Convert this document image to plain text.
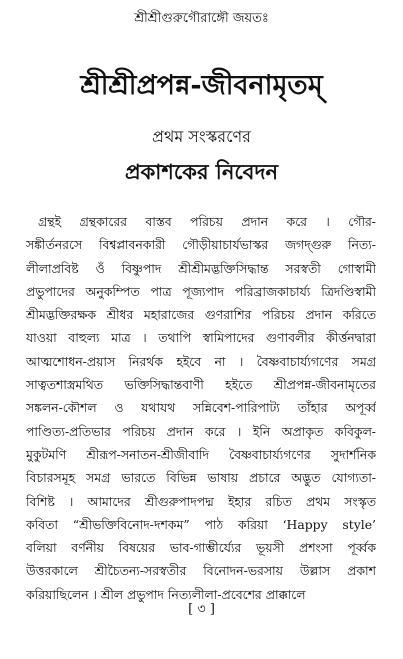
শ্রীশ্রীগুরুগৌরাঙ্গৌ জয়তঃ
শ্রীশ্রীপ্রপন্ন-জীবনামৃতম্
প্রথম সংস্করণের
প্রকাশকের নিবেদন
গ্রন্থই গ্রন্থকারের বাস্তব পরিচয় প্রদান করে । গৌর-
সঙ্কীর্তনরসে বিশ্বপ্লাবনকারী গৌড়ীয়াচার্যভাস্কর জগদ্গুরু নিত্য-
লীলাপ্রবিষ্ট ওঁ বিষ্ণুপাদ শ্রীশ্রীমদ্ভক্তিসিদ্ধান্ত সরস্বতী গোস্বামী
প্রভুপাদের অনুকম্পিত পাত্র পূজ্যপাদ পরিব্রাজকাচার্য্য ত্রিদণ্ডিস্বামী
শ্রীমদ্ভক্তিরক্ষক শ্রীধর মহারাজের গুণরাশির পরিচয় প্রদান করিতে
যাওয়া বাহুল্য মাত্র । তথাপি স্বামিপাদের গুণাবলীর কীর্ত্তনদ্বারা
আত্মশোধন-প্রয়াস নিরর্থক হইবে না । বৈষ্ণবাচার্য্যগণের সমগ্র
সাত্বতশাস্ত্রমথিত ভক্তিসিদ্ধান্তবাণী হইতে শ্রীপ্রপন্ন-জীবনামৃতের
সঙ্কলন-কৌশল ও যথাযথ সন্নিবেশ-পারিপাট্য তাঁহার অপূর্ব্ব
পাণ্ডিত্য-প্রতিভার পরিচয় প্রদান করে । ইনি অপ্রাকৃত কবিকুল-
মুকুটমণি শ্রীরূপ-সনাতন-শ্রীজীবাদি বৈষ্ণবাচার্য্যগণের সুদার্শনিক
বিচারসমূহ সমগ্র ভারতে বিভিন্ন ভাষায় প্রচারে অদ্ভুত যোগ্যতা-
বিশিষ্ট । আমাদের শ্রীগুরুপাদপদ্ম ইহার রচিত প্রথম সংস্কৃত
কবিতা “শ্রীভক্তিবিনোদ-দশকম” পাঠ করিয়া ‘Happy style’
বলিয়া বর্ণনীয় বিষয়ের ভাব-গাম্ভীর্য্যের ভূয়সী প্রশংসা পূর্ব্বক
উত্তরকালে শ্রীচৈতন্য-সরস্বতীর বিনোদন-ভরসায় উল্লাস প্রকাশ
করিয়াছিলেন । শ্রীল প্রভুপাদ নিত্যলীলা-প্রবেশের প্রাক্কালে
[ ৩ ]
